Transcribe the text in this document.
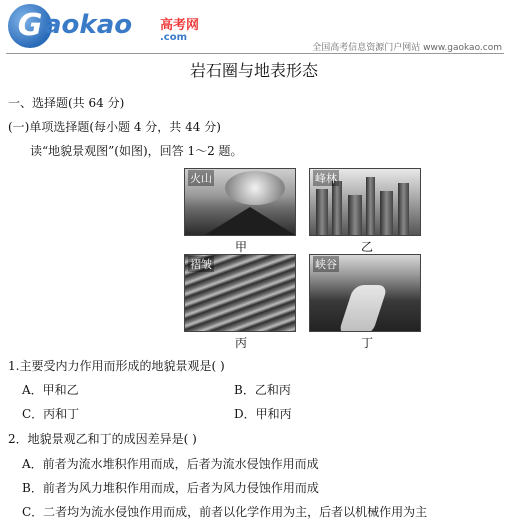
G aokao 高考网
.com
全国高考信息资源门户网站 www.gaokao.com
岩石圈与地表形态
一、选择题(共 64 分)
(一)单项选择题(每小题 4 分，共 44 分)
读“地貌景观图”(如图)，回答 1～2 题。
火山
甲
峰林
乙
褶皱
丙
峡谷
丁
1.主要受内力作用而形成的地貌景观是( )
A．甲和乙	B．乙和丙
C．丙和丁	D．甲和丙
2．地貌景观乙和丁的成因差异是( )
A．前者为流水堆积作用而成，后者为流水侵蚀作用而成
B．前者为风力堆积作用而成，后者为风力侵蚀作用而成
C．二者均为流水侵蚀作用而成，前者以化学作用为主，后者以机械作用为主
